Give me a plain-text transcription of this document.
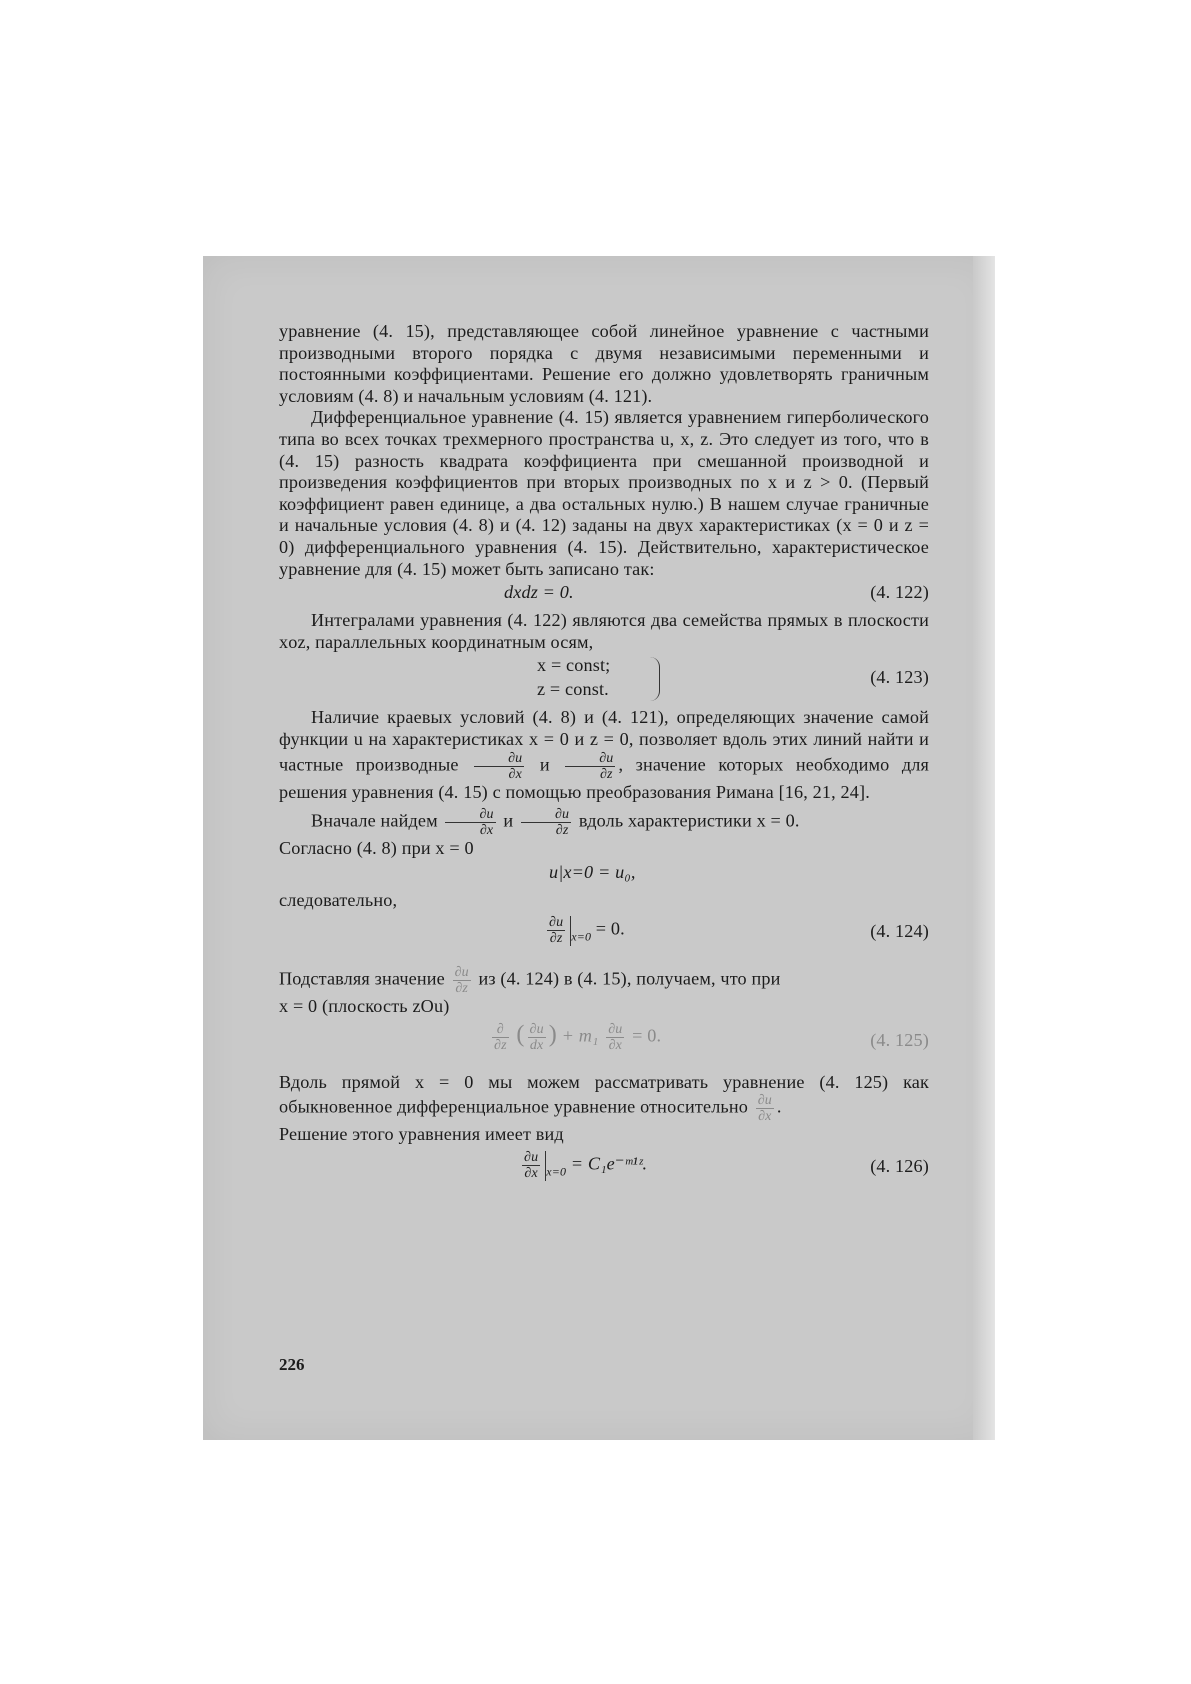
уравнение (4. 15), представляющее собой линейное уравнение с частными производными второго порядка с двумя независимыми переменными и постоянными коэффициентами. Решение его должно удовлетворять граничным условиям (4. 8) и начальным условиям (4. 121).

Дифференциальное уравнение (4. 15) является уравнением гиперболического типа во всех точках трехмерного пространства u, x, z. Это следует из того, что в (4. 15) разность квадрата коэффициента при смешанной производной и произведения коэффициентов при вторых производных по x и z > 0. (Первый коэффициент равен единице, а два остальных нулю.) В нашем случае граничные и начальные условия (4. 8) и (4. 12) заданы на двух характеристиках (x = 0 и z = 0) дифференциального уравнения (4. 15). Действительно, характеристическое уравнение для (4. 15) может быть записано так:

dxdz = 0.	(4. 122)

Интегралами уравнения (4. 122) являются два семейства прямых в плоскости xoz, параллельных координатным осям,

x = const;
z = const.
(4. 123)

Наличие краевых условий (4. 8) и (4. 121), определяющих значение самой функции u на характеристиках x = 0 и z = 0, позволяет вдоль этих линий найти и частные производные $\frac{\partial u}{\partial x}$ и $\frac{\partial u}{\partial z}$ , значение которых необходимо для решения уравнения (4. 15) с помощью преобразования Римана [16, 21, 24].

Вначале найдем $\frac{\partial u}{\partial x}$ и $\frac{\partial u}{\partial z}$ вдоль характеристики x = 0.

Согласно (4. 8) при x = 0

u|x=0 = u₀,

следовательно,

$\frac{\partial u}{\partial z} _{x=0} = 0$.	(4. 124)

Подставляя значение $\frac{\partial u}{\partial z}$ из (4. 124) в (4. 15), получаем, что при

x = 0 (плоскость zOu)

∂
∂z ( $\frac{\partial u}{dx}$ ) + $m_1 \frac{\partial u}{\partial x} = 0$.	(4. 125)

Вдоль прямой x = 0 мы можем рассматривать уравнение (4. 125) как обыкновенное дифференциальное уравнение относительно $\frac{\partial u}{\partial x}$ .

Решение этого уравнения имеет вид

$\frac{\partial u}{\partial x} _{x=0}$ = C₁e⁻ᵐ¹ᶻ.	(4. 126)
226
